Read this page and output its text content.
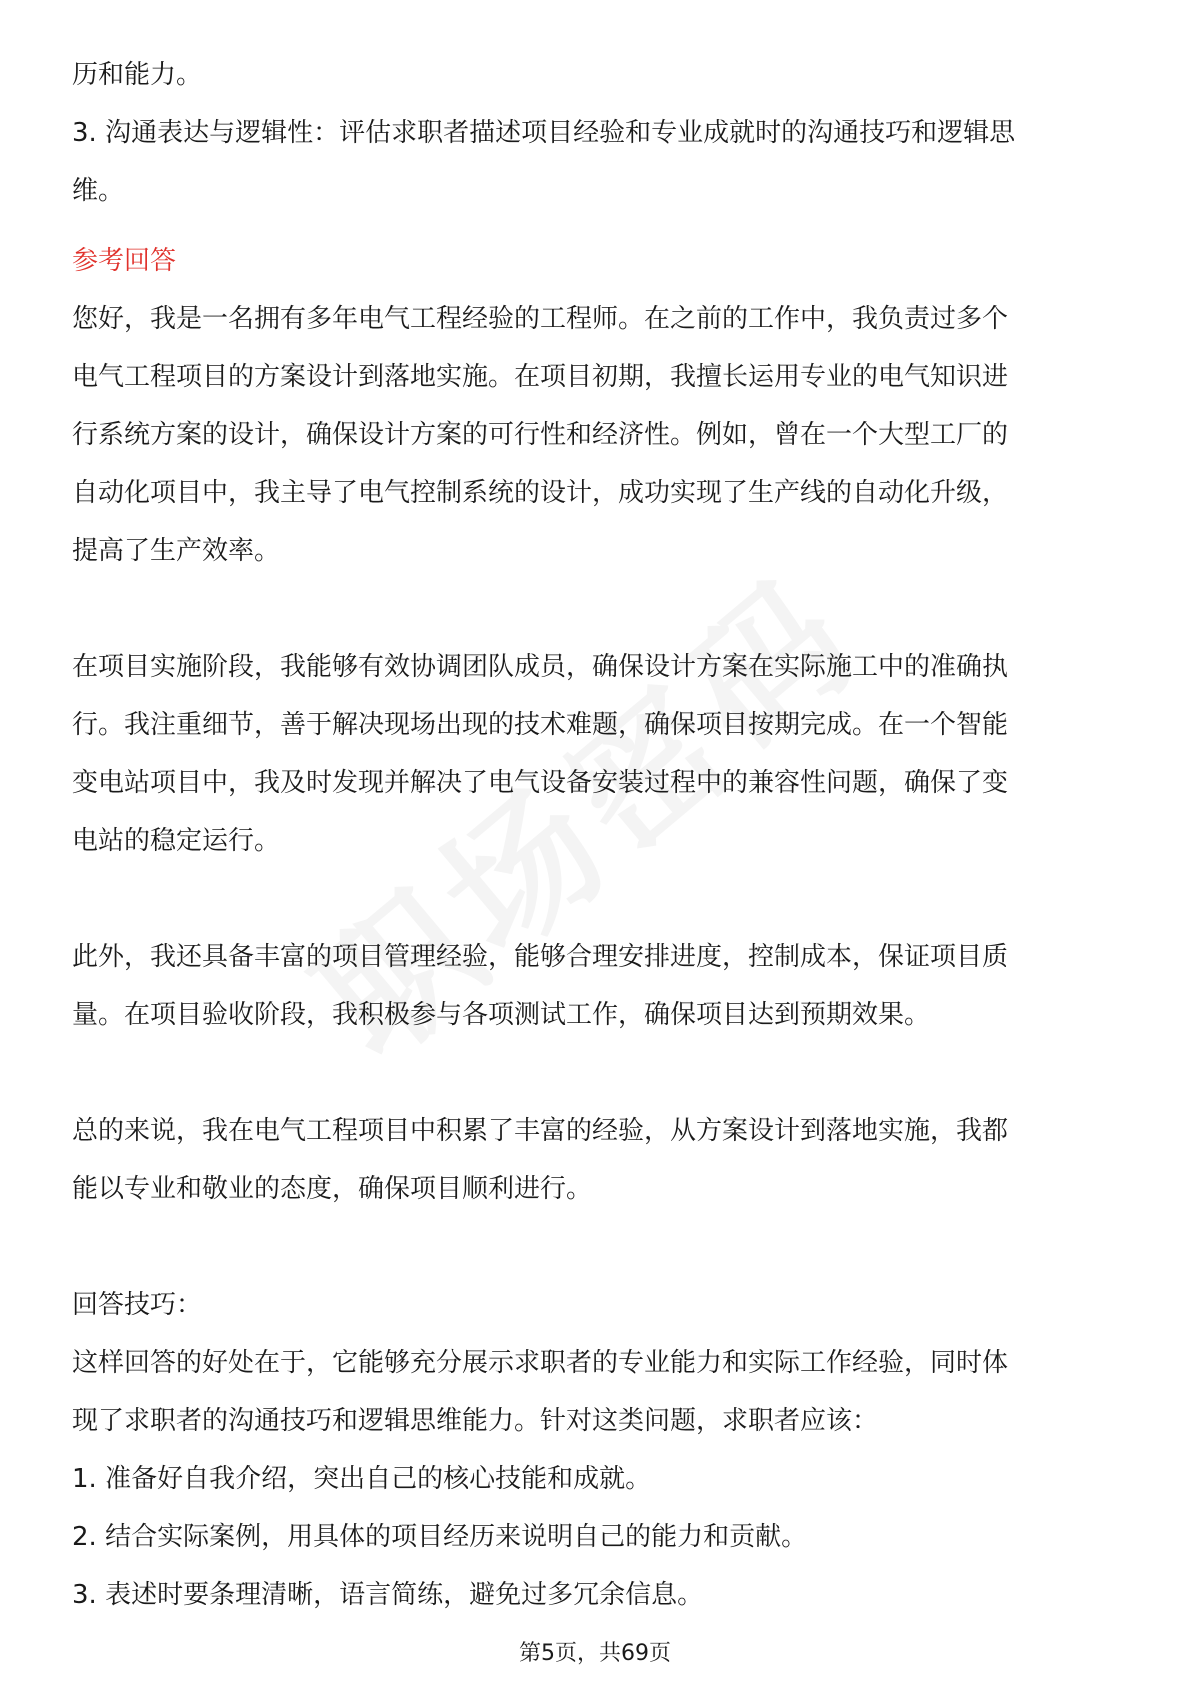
历和能力。
3. 沟通表达与逻辑性：评估求职者描述项目经验和专业成就时的沟通技巧和逻辑思
维。
参考回答
您好，我是一名拥有多年电气工程经验的工程师。在之前的工作中，我负责过多个
电气工程项目的方案设计到落地实施。在项目初期，我擅长运用专业的电气知识进
行系统方案的设计，确保设计方案的可行性和经济性。例如，曾在一个大型工厂的
自动化项目中，我主导了电气控制系统的设计，成功实现了生产线的自动化升级，
提高了生产效率。
在项目实施阶段，我能够有效协调团队成员，确保设计方案在实际施工中的准确执
行。我注重细节，善于解决现场出现的技术难题，确保项目按期完成。在一个智能
变电站项目中，我及时发现并解决了电气设备安装过程中的兼容性问题，确保了变
电站的稳定运行。
此外，我还具备丰富的项目管理经验，能够合理安排进度，控制成本，保证项目质
量。在项目验收阶段，我积极参与各项测试工作，确保项目达到预期效果。
总的来说，我在电气工程项目中积累了丰富的经验，从方案设计到落地实施，我都
能以专业和敬业的态度，确保项目顺利进行。
回答技巧：
这样回答的好处在于，它能够充分展示求职者的专业能力和实际工作经验，同时体
现了求职者的沟通技巧和逻辑思维能力。针对这类问题，求职者应该：
1. 准备好自我介绍，突出自己的核心技能和成就。
2. 结合实际案例，用具体的项目经历来说明自己的能力和贡献。
3. 表述时要条理清晰，语言简练，避免过多冗余信息。
第5页，共69页
